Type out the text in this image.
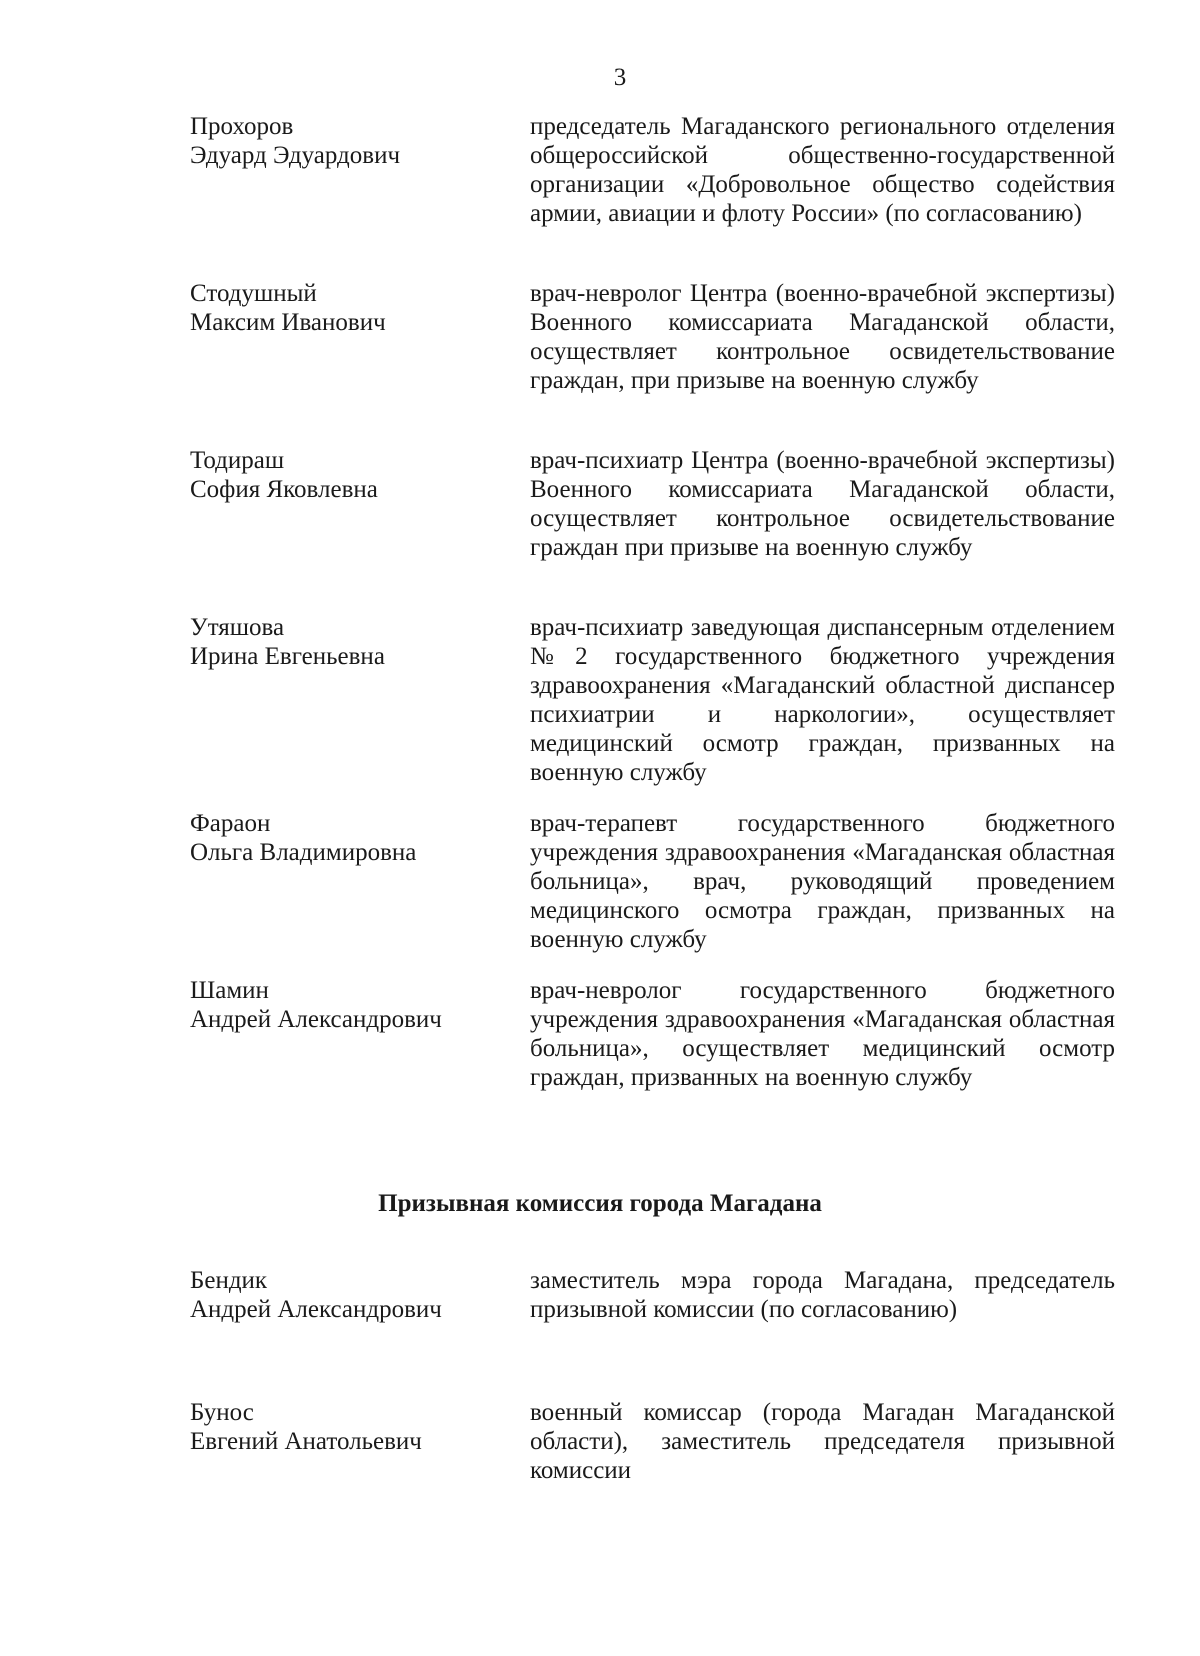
3
Прохоров
Эдуард Эдуардович
председатель Магаданского регионального отделения общероссийской общественно-государственной организации «Добровольное общество содействия армии, авиации и флоту России» (по согласованию)
Стодушный
Максим Иванович
врач-невролог Центра (военно-врачебной экспертизы) Военного комиссариата Магаданской области, осуществляет контрольное освидетельствование граждан, при призыве на военную службу
Тодираш
София Яковлевна
врач-психиатр Центра (военно-врачебной экспертизы) Военного комиссариата Магаданской области, осуществляет контрольное освидетельствование граждан при призыве на военную службу
Утяшова
Ирина Евгеньевна
врач-психиатр заведующая диспансерным отделением №2 государственного бюджетного учреждения здравоохранения «Магаданский областной диспансер психиатрии и наркологии», осуществляет медицинский осмотр граждан, призванных на военную службу
Фараон
Ольга Владимировна
врач-терапевт государственного бюджетного учреждения здравоохранения «Магаданская областная больница», врач, руководящий проведением медицинского осмотра граждан, призванных на военную службу
Шамин
Андрей Александрович
врач-невролог государственного бюджетного учреждения здравоохранения «Магаданская областная больница», осуществляет медицинский осмотр граждан, призванных на военную службу
Призывная комиссия города Магадана
Бендик
Андрей Александрович
заместитель мэра города Магадана, председатель призывной комиссии (по согласованию)
Бунос
Евгений Анатольевич
военный комиссар (города Магадан Магаданской области), заместитель председателя призывной комиссии
